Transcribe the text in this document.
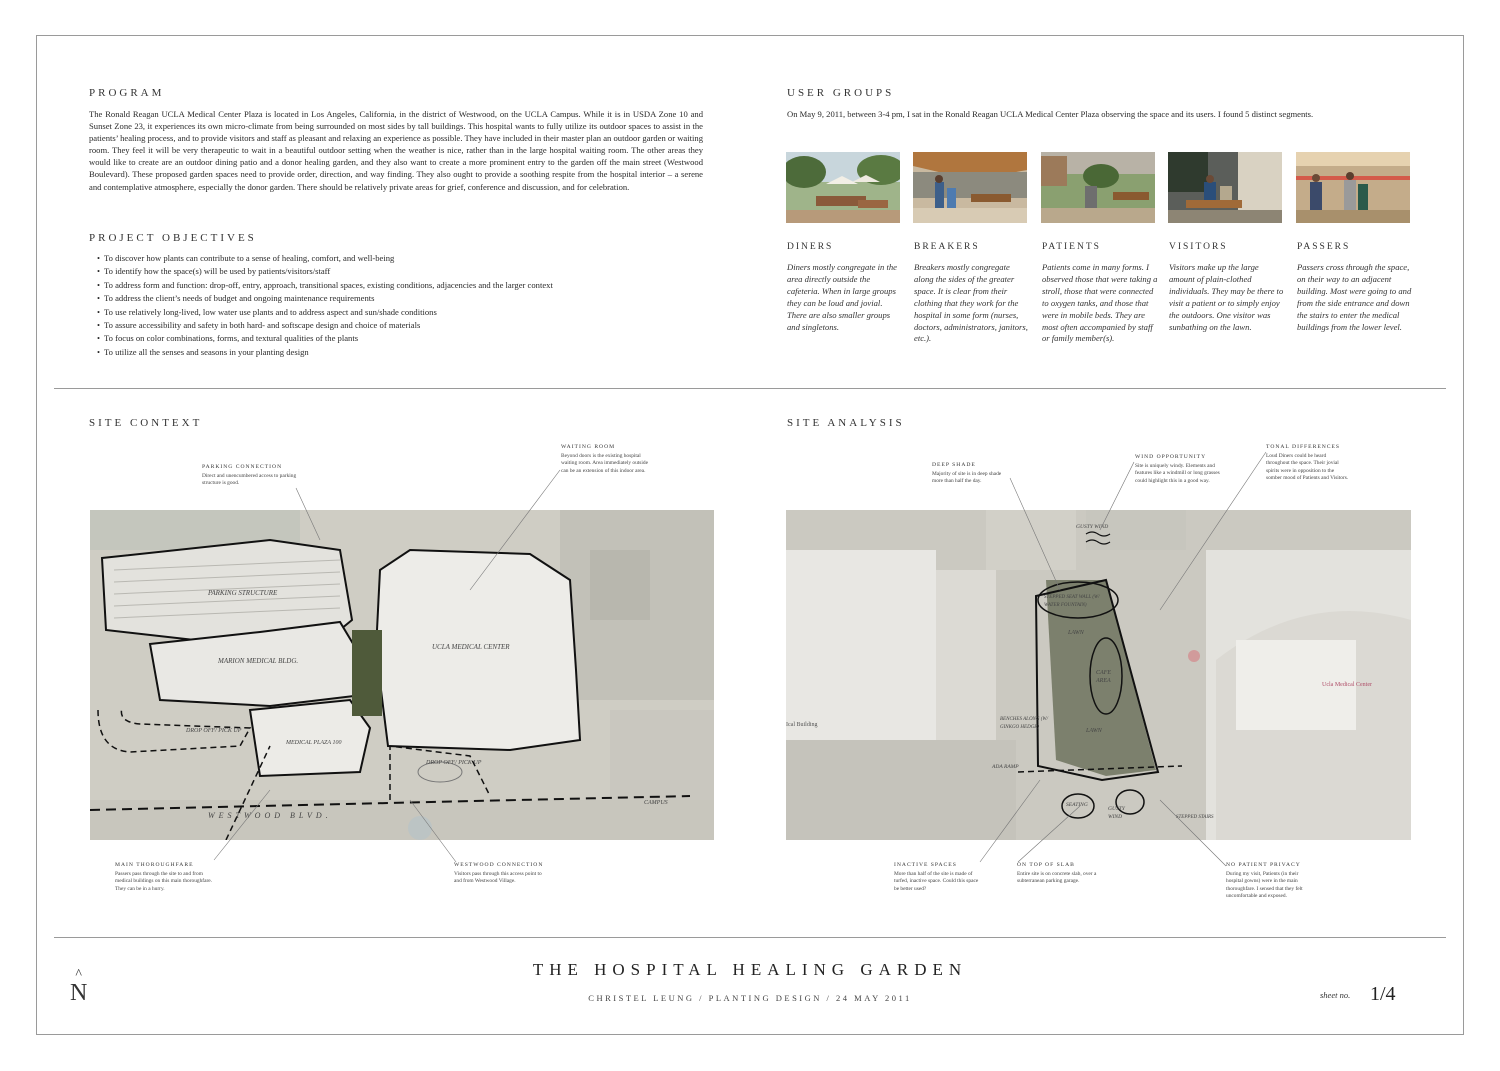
PROGRAM
The Ronald Reagan UCLA Medical Center Plaza is located in Los Angeles, California, in the district of Westwood, on the UCLA Campus. While it is in USDA Zone 10 and Sunset Zone 23, it experiences its own micro-climate from being surrounded on most sides by tall buildings. This hospital wants to fully utilize its outdoor spaces to assist in the patients’ healing process, and to provide visitors and staff as pleasant and relaxing an experience as possible. They have included in their master plan an outdoor garden or waiting room. They feel it will be very therapeutic to wait in a beautiful outdoor setting when the weather is nice, rather than in the large hospital waiting room. The other areas they would like to create are an outdoor dining patio and a donor healing garden, and they also want to create a more prominent entry to the garden off the main street (Westwood Boulevard). These proposed garden spaces need to provide order, direction, and way finding. They also ought to provide a soothing respite from the hospital interior – a serene and contemplative atmosphere, especially the donor garden. There should be relatively private areas for grief, conference and discussion, and for celebration.
PROJECT OBJECTIVES
• To discover how plants can contribute to a sense of healing, comfort, and well-being
• To identify how the space(s) will be used by patients/visitors/staff
• To address form and function: drop-off, entry, approach, transitional spaces, existing conditions, adjacencies and the larger context
• To address the client’s needs of budget and ongoing maintenance requirements
• To use relatively long-lived, low water use plants and to address aspect and sun/shade conditions
• To assure accessibility and safety in both hard- and softscape design and choice of materials
• To focus on color combinations, forms, and textural qualities of the plants
• To utilize all the senses and seasons in your planting design
USER GROUPS
On May 9, 2011, between 3-4 pm, I sat in the Ronald Reagan UCLA Medical Center Plaza observing the space and its users. I found 5 distinct segments.
DINERS	BREAKERS	PATIENTS	VISITORS	PASSERS
Diners mostly congregate in the area directly outside the cafeteria. When in large groups they can be loud and jovial. There are also smaller groups and singletons.
Breakers mostly congregate along the sides of the greater space. It is clear from their clothing that they work for the hospital in some form (nurses, doctors, administrators, janitors, etc.).
Patients come in many forms. I observed those that were taking a stroll, those that were connected to oxygen tanks, and those that were in mobile beds. They are most often accompanied by staff or family member(s).
Visitors make up the large amount of plain-clothed individuals. They may be there to visit a patient or to simply enjoy the outdoors. One visitor was sunbathing on the lawn.
Passers cross through the space, on their way to an adjacent building. Most were going to and from the side entrance and down the stairs to enter the medical buildings from the lower level.
SITE CONTEXT
PARKING CONNECTION
Direct and unencumbered access to parking structure is good.
WAITING ROOM
Beyond doors is the existing hospital waiting room. Area immediately outside can be an extension of this indoor area.
PARKING STRUCTURE
MARION MEDICAL BLDG.
UCLA MEDICAL CENTER
DROP OFF/ PICK UP
MEDICAL PLAZA 100
DROP OFF/ PICK UP
WESTWOOD BLVD.
CAMPUS
MAIN THOROUGHFARE
Passers pass through the site to and from medical buildings on this main thoroughfare. They can be in a hurry.
WESTWOOD CONNECTION
Visitors pass through this access point to and from Westwood Village.
SITE ANALYSIS
DEEP SHADE
Majority of site is in deep shade more than half the day.
WIND OPPORTUNITY
Site is uniquely windy. Elements and features like a windmill or long grasses could highlight this in a good way.
TONAL DIFFERENCES
Loud Diners could be heard throughout the space. Their jovial spirits were in opposition to the somber mood of Patients and Visitors.
GUSTY WIND
STEPPED SEAT WALL (W/ WATER FOUNTAIN)
CAFE AREA
LAWN
LAWN
BENCHES ALONG (W/ GINKGO HEDGE)
ADA RAMP
GUSTY WIND
SEATING
STEPPED STAIRS
Ucla Medical Center
Ical Building
INACTIVE SPACES
More than half of the site is made of turfed, inactive space. Could this space be better used?
ON TOP OF SLAB
Entire site is on concrete slab, over a subterranean parking garage.
NO PATIENT PRIVACY
During my visit, Patients (in their hospital gowns) were in the main thoroughfare. I sensed that they felt uncomfortable and exposed.
^
N
THE HOSPITAL HEALING GARDEN
CHRISTEL LEUNG / PLANTING DESIGN / 24 MAY 2011	sheet no. 1/4
